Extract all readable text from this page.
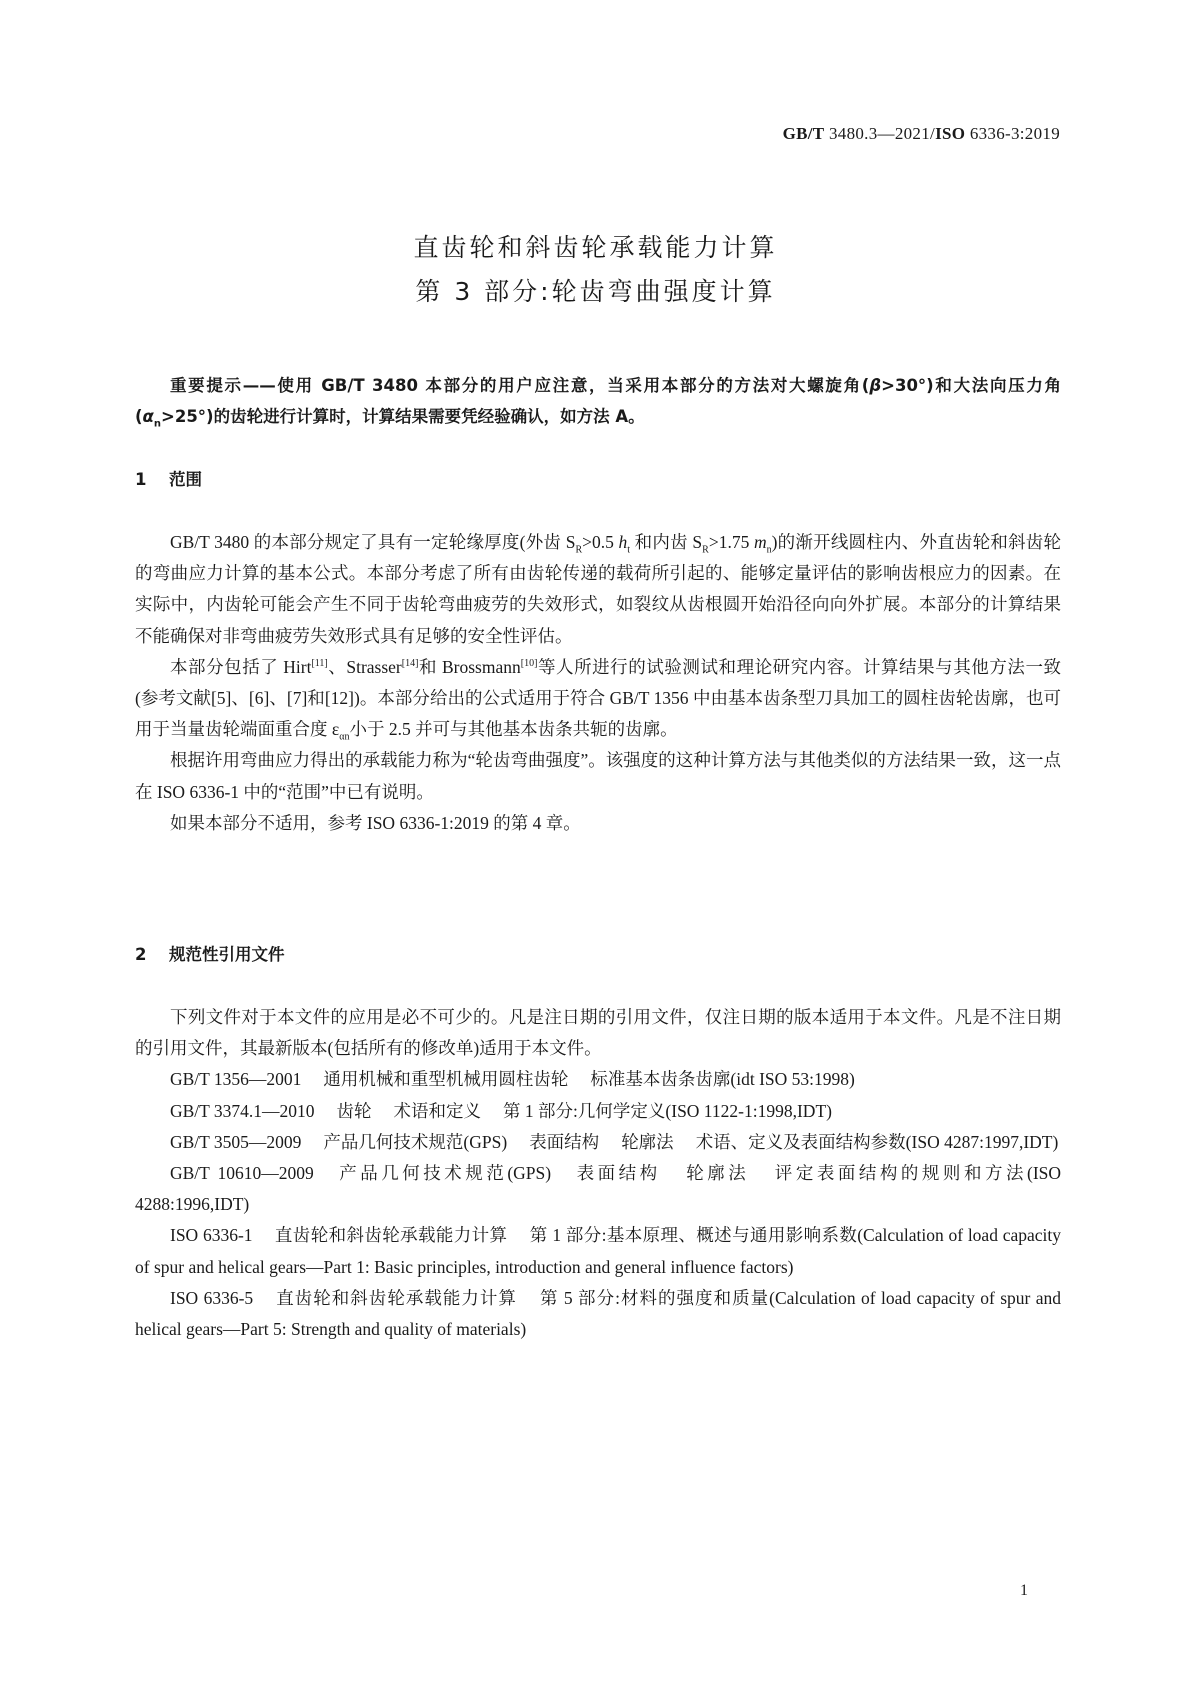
GB/T 3480.3—2021/ISO 6336-3:2019
直齿轮和斜齿轮承载能力计算
第 3 部分:轮齿弯曲强度计算

重要提示——使用 GB/T 3480 本部分的用户应注意，当采用本部分的方法对大螺旋角(β>30°)和大法向压力角$(\alpha_n>25^\circ)$的齿轮进行计算时，计算结果需要凭经验确认，如方法 A。

1 范围

GB/T 3480 的本部分规定了具有一定轮缘厚度(外齿 $S_R>0.5$ $h_t$ 和内齿 $S_R>1.75$ $m_n$)的渐开线圆柱内、外直齿轮和斜齿轮的弯曲应力计算的基本公式。本部分考虑了所有由齿轮传递的载荷所引起的、能够定量评估的影响齿根应力的因素。在实际中，内齿轮可能会产生不同于齿轮弯曲疲劳的失效形式，如裂纹从齿根圆开始沿径向向外扩展。本部分的计算结果不能确保对非弯曲疲劳失效形式具有足够的安全性评估。

本部分包括了 Hirt[11]、Strasser[14]和 Brossmann[10]等人所进行的试验测试和理论研究内容。计算结果与其他方法一致(参考文献[5]、[6]、[7]和[12])。本部分给出的公式适用于符合 GB/T 1356 中由基本齿条型刀具加工的圆柱齿轮齿廓，也可用于当量齿轮端面重合度 $\varepsilon_{\alpha n}$小于 2.5 并可与其他基本齿条共轭的齿廓。

根据许用弯曲应力得出的承载能力称为“轮齿弯曲强度”。该强度的这种计算方法与其他类似的方法结果一致，这一点在 ISO 6336-1 中的“范围”中已有说明。

如果本部分不适用，参考 ISO 6336-1:2019 的第 4 章。

2 规范性引用文件

下列文件对于本文件的应用是必不可少的。凡是注日期的引用文件，仅注日期的版本适用于本文件。凡是不注日期的引用文件，其最新版本(包括所有的修改单)适用于本文件。

GB/T 1356—2001 通用机械和重型机械用圆柱齿轮 标准基本齿条齿廓(idt ISO 53:1998)

GB/T 3374.1—2010 齿轮 术语和定义 第 1 部分:几何学定义(ISO 1122-1:1998,IDT)

GB/T 3505—2009 产品几何技术规范(GPS) 表面结构 轮廓法 术语、定义及表面结构参数(ISO 4287:1997,IDT)

GB/T 10610—2009 产品几何技术规范(GPS) 表面结构 轮廓法 评定表面结构的规则和方法(ISO 4288:1996,IDT)

ISO 6336-1 直齿轮和斜齿轮承载能力计算 第 1 部分:基本原理、概述与通用影响系数(Calculation of load capacity of spur and helical gears—Part 1: Basic principles, introduction and general influence factors)

ISO 6336-5 直齿轮和斜齿轮承载能力计算 第 5 部分:材料的强度和质量(Calculation of load capacity of spur and helical gears—Part 5: Strength and quality of materials)

1
